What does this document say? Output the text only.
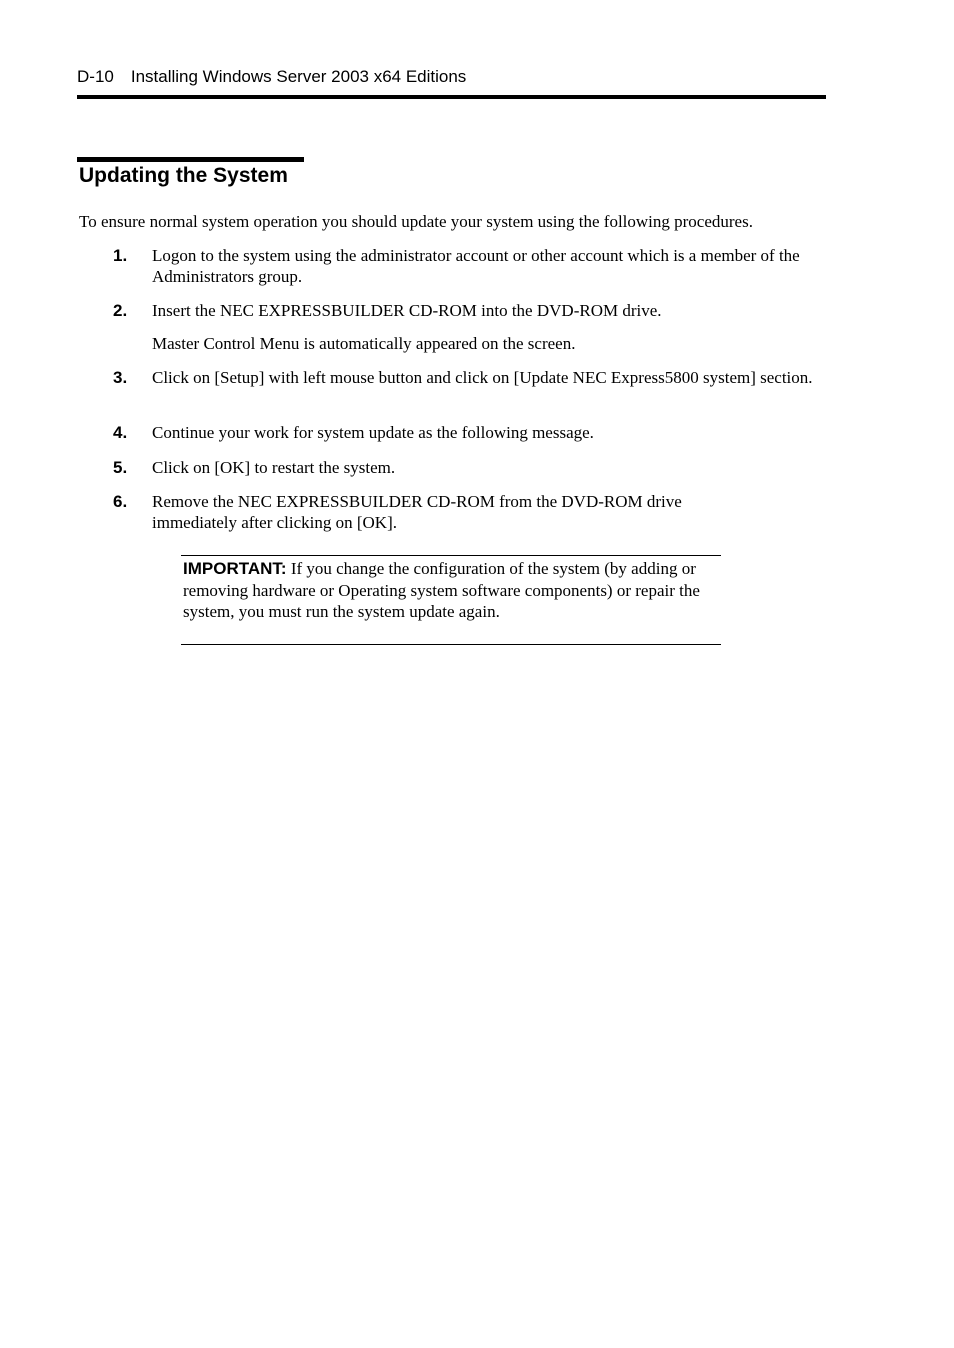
D-10 Installing Windows Server 2003 x64 Editions
Updating the System

To ensure normal system operation you should update your system using the following procedures.

1. Logon to the system using the administrator account or other account which is a member of the Administrators group.

2. Insert the NEC EXPRESSBUILDER CD-ROM into the DVD-ROM drive.

Master Control Menu is automatically appeared on the screen.

3. Click on [Setup] with left mouse button and click on [Update NEC Express5800 system] section.

4. Continue your work for system update as the following message.

5. Click on [OK] to restart the system.

6. Remove the NEC EXPRESSBUILDER CD-ROM from the DVD-ROM drive immediately after clicking on [OK].

IMPORTANT: If you change the configuration of the system (by adding or removing hardware or Operating system software components) or repair the system, you must run the system update again.
